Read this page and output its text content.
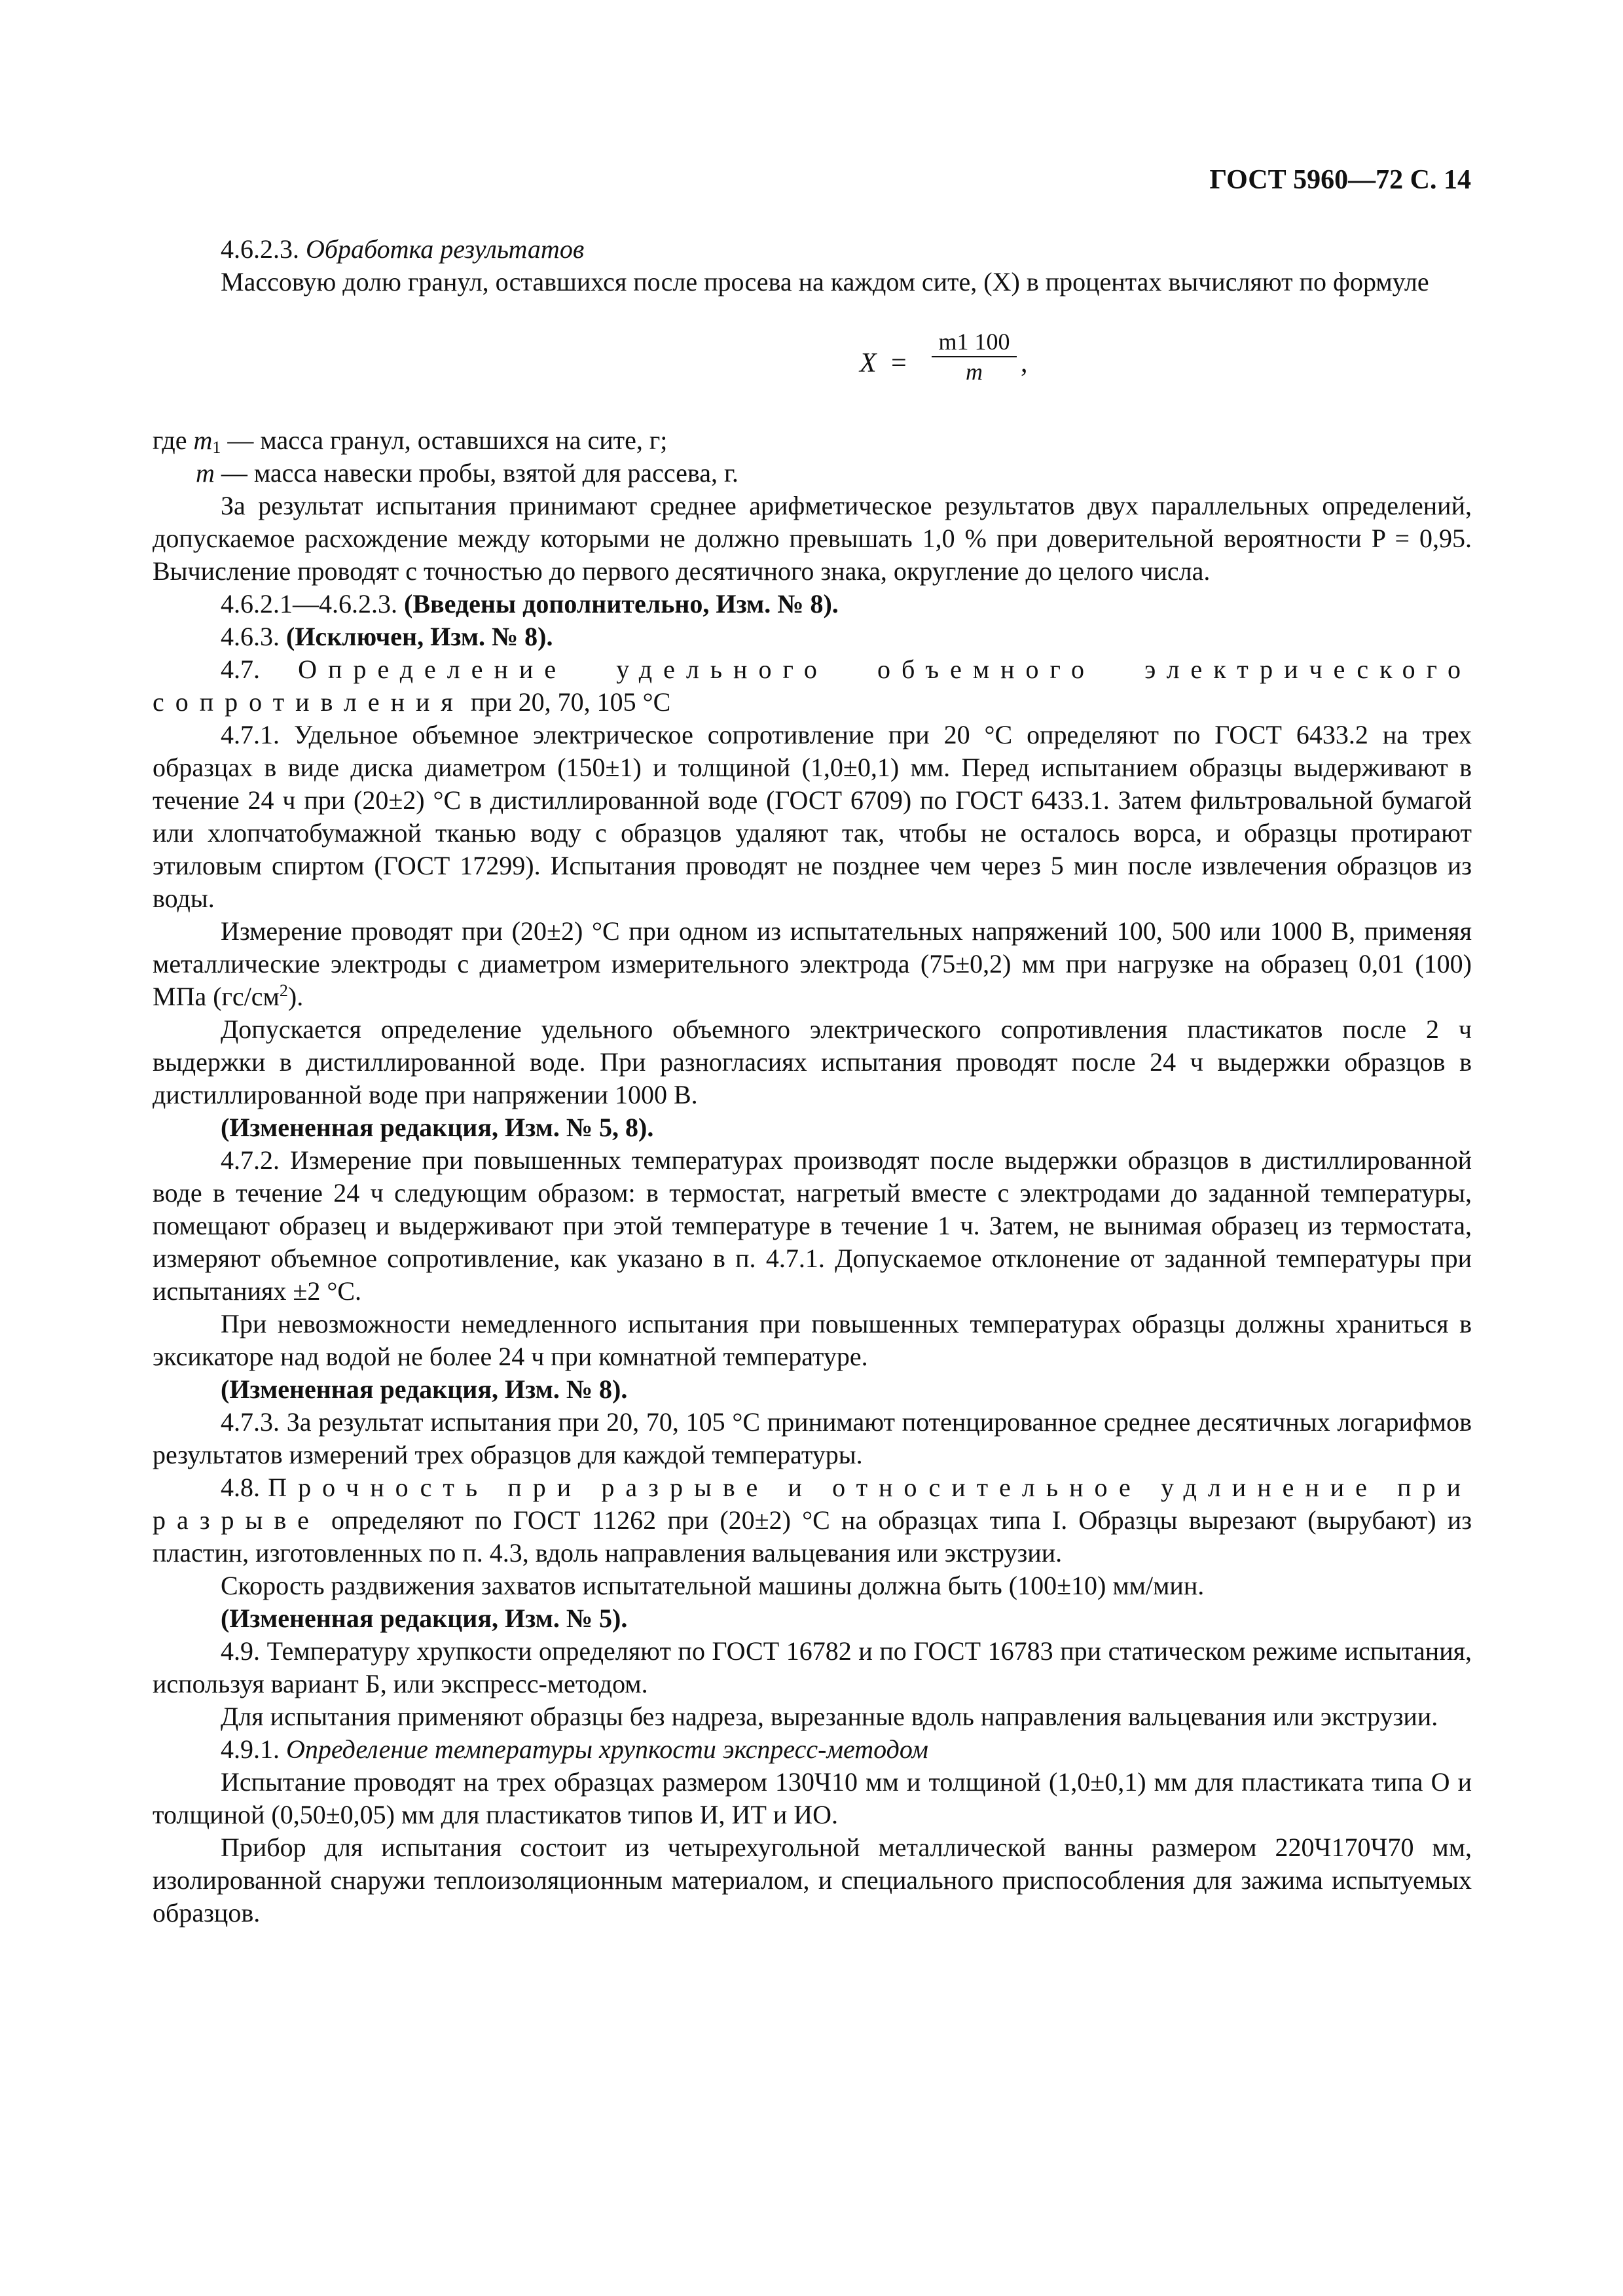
ГОСТ 5960—72 С. 14

4.6.2.3. Обработка результатов

Массовую долю гранул, оставшихся после просева на каждом сите, (X) в процентах вычисляют по формуле

$X = \frac{m1 100}{m}$ ,

где $m_1$ — масса гранул, оставшихся на сите, г;

m — масса навески пробы, взятой для рассева, г.

За результат испытания принимают среднее арифметическое результатов двух параллельных определений, допускаемое расхождение между которыми не должно превышать 1,0 % при доверительной вероятности P = 0,95. Вычисление проводят с точностью до первого десятичного знака, округление до целого числа.

4.6.2.1—4.6.2.3. (Введены дополнительно, Изм. № 8).

4.6.3. (Исключен, Изм. № 8).

4.7. Определение удельного объемного электрического сопротивления при 20, 70, 105 °С

4.7.1. Удельное объемное электрическое сопротивление при 20 °С определяют по ГОСТ 6433.2 на трех образцах в виде диска диаметром (150±1) и толщиной (1,0±0,1) мм. Перед испытанием образцы выдерживают в течение 24 ч при (20±2) °С в дистиллированной воде (ГОСТ 6709) по ГОСТ 6433.1. Затем фильтровальной бумагой или хлопчатобумажной тканью воду с образцов удаляют так, чтобы не осталось ворса, и образцы протирают этиловым спиртом (ГОСТ 17299). Испытания проводят не позднее чем через 5 мин после извлечения образцов из воды.

Измерение проводят при (20±2) °С при одном из испытательных напряжений 100, 500 или 1000 В, применяя металлические электроды с диаметром измерительного электрода (75±0,2) мм при нагрузке на образец 0,01 (100) МПа $(гс/см^2)$.

Допускается определение удельного объемного электрического сопротивления пластикатов после 2 ч выдержки в дистиллированной воде. При разногласиях испытания проводят после 24 ч выдержки образцов в дистиллированной воде при напряжении 1000 В.

(Измененная редакция, Изм. № 5, 8).

4.7.2. Измерение при повышенных температурах производят после выдержки образцов в дистиллированной воде в течение 24 ч следующим образом: в термостат, нагретый вместе с электродами до заданной температуры, помещают образец и выдерживают при этой температуре в течение 1 ч. Затем, не вынимая образец из термостата, измеряют объемное сопротивление, как указано в п. 4.7.1. Допускаемое отклонение от заданной температуры при испытаниях ±2 °С.

При невозможности немедленного испытания при повышенных температурах образцы должны храниться в эксикаторе над водой не более 24 ч при комнатной температуре.

(Измененная редакция, Изм. № 8).

4.7.3. За результат испытания при 20, 70, 105 °С принимают потенцированное среднее десятичных логарифмов результатов измерений трех образцов для каждой температуры.

4.8. Прочность при разрыве и относительное удлинение при разрыве определяют по ГОСТ 11262 при (20±2) °С на образцах типа I. Образцы вырезают (вырубают) из пластин, изготовленных по п. 4.3, вдоль направления вальцевания или экструзии.

Скорость раздвижения захватов испытательной машины должна быть (100±10) мм/мин.

(Измененная редакция, Изм. № 5).

4.9. Температуру хрупкости определяют по ГОСТ 16782 и по ГОСТ 16783 при статическом режиме испытания, используя вариант Б, или экспресс-методом.

Для испытания применяют образцы без надреза, вырезанные вдоль направления вальцевания или экструзии.

4.9.1. Определение температуры хрупкости экспресс-методом

Испытание проводят на трех образцах размером 130Ч10 мм и толщиной (1,0±0,1) мм для пластиката типа О и толщиной (0,50±0,05) мм для пластикатов типов И, ИТ и ИО.

Прибор для испытания состоит из четырехугольной металлической ванны размером 220Ч170Ч70 мм, изолированной снаружи теплоизоляционным материалом, и специального приспособления для зажима испытуемых образцов.
